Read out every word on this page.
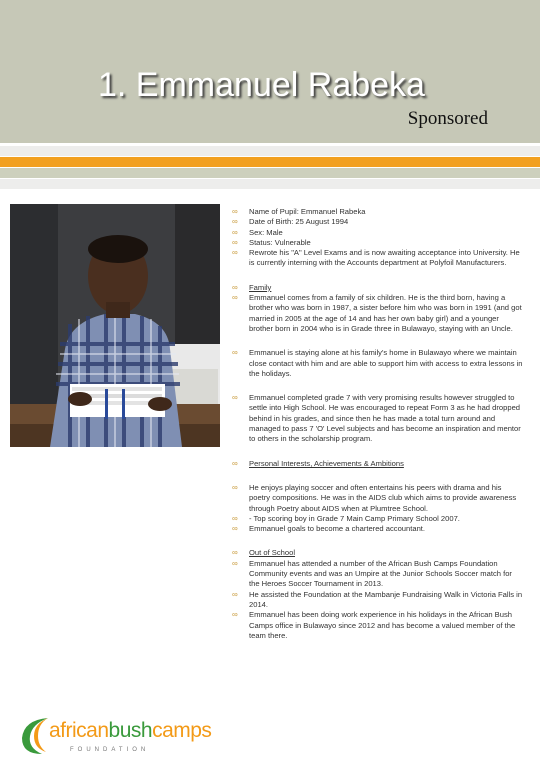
1. Emmanuel Rabeka
Sponsored
africanbushcamps
FOUNDATION
∞ Name of Pupil: Emmanuel Rabeka
∞ Date of Birth: 25 August 1994
∞ Sex: Male
∞ Status: Vulnerable
∞ Rewrote his "A" Level Exams and is now awaiting acceptance into University. He is currently interning with the Accounts department at Polyfoil Manufacturers.
∞ Family
∞ Emmanuel comes from a family of six children. He is the third born, having a brother who was born in 1987, a sister before him who was born in 1991 (and got married in 2005 at the age of 14 and has her own baby girl) and a younger brother born in 2004 who is in Grade three in Bulawayo, staying with an Uncle.
∞ Emmanuel is staying alone at his family's home in Bulawayo where we maintain close contact with him and are able to support him with access to extra lessons in the holidays.
∞ Emmanuel completed grade 7 with very promising results however struggled to settle into High School. He was encouraged to repeat Form 3 as he had dropped behind in his grades, and since then he has made a total turn around and managed to pass 7 'O' Level subjects and has become an inspiration and mentor to others in the scholarship program.
∞ Personal Interests, Achievements & Ambitions
∞ He enjoys playing soccer and often entertains his peers with drama and his poetry compositions. He was in the AIDS club which aims to provide awareness through Poetry about AIDS when at Plumtree School.
∞ - Top scoring boy in Grade 7 Main Camp Primary School 2007.
∞ Emmanuel goals to become a chartered accountant.
∞ Out of School
∞ Emmanuel has attended a number of the African Bush Camps Foundation Community events and was an Umpire at the Junior Schools Soccer match for the Heroes Soccer Tournament in 2013.
∞ He assisted the Foundation at the Mambanje Fundraising Walk in Victoria Falls in 2014.
∞ Emmanuel has been doing work experience in his holidays in the African Bush Camps office in Bulawayo since 2012 and has become a valued member of the team there.
